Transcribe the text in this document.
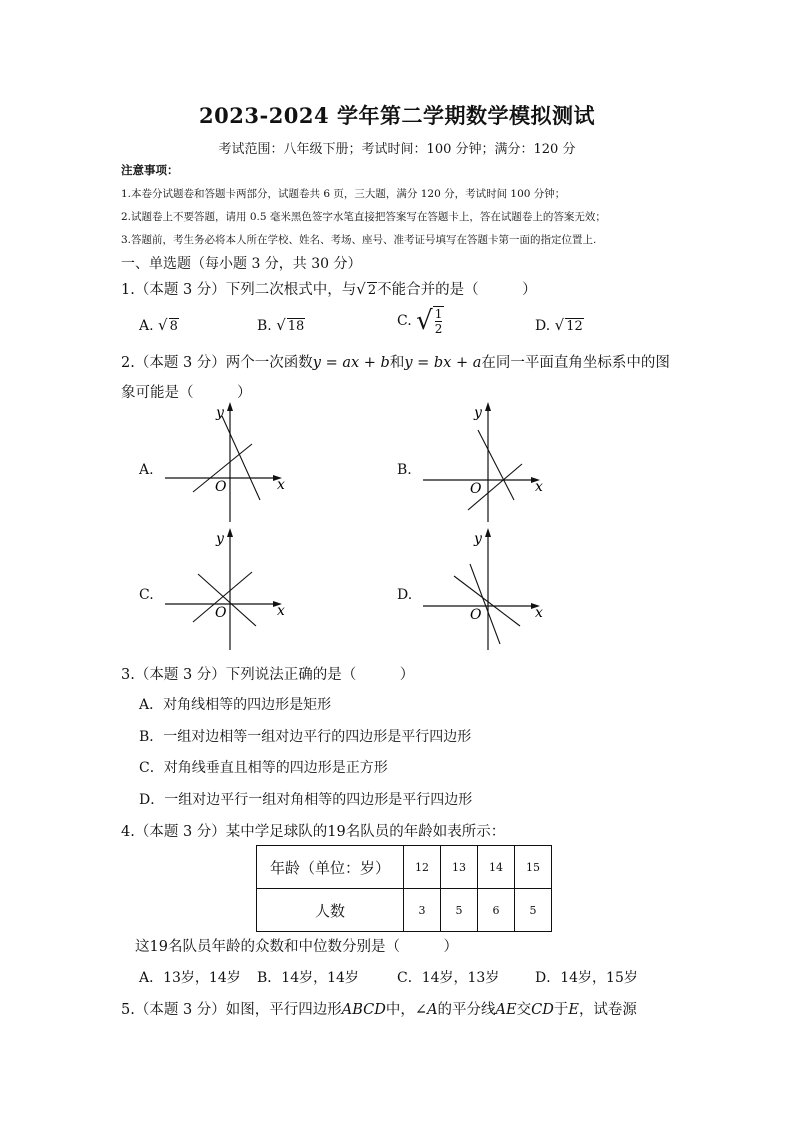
2023-2024 学年第二学期数学模拟测试
考试范围：八年级下册；考试时间：100 分钟；满分：120 分
注意事项：
1.本卷分试题卷和答题卡两部分，试题卷共 6 页，三大题，满分 120 分，考试时间 100 分钟；
2.试题卷上不要答题，请用 0.5 毫米黑色签字水笔直接把答案写在答题卡上，答在试题卷上的答案无效；
3.答题前，考生务必将本人所在学校、姓名、考场、座号、准考证号填写在答题卡第一面的指定位置上.
一、单选题（每小题 3 分，共 30 分）
1.（本题 3 分）下列二次根式中，与√ 2不能合并的是（　　　）
A. √ 8	B. √ 18	C. √ $\frac{1}{2}$	D. √ 12
2.（本题 3 分）两个一次函数y = ax + b和y = bx + a在同一平面直角坐标系中的图
象可能是（　　　）
A.
O	x
y
B.
O	x
y
C.
O	x
y
D.
O	x
y
3.（本题 3 分）下列说法正确的是（　　　）
A．对角线相等的四边形是矩形
B．一组对边相等一组对边平行的四边形是平行四边形
C．对角线垂直且相等的四边形是正方形
D．一组对边平行一组对角相等的四边形是平行四边形
4.（本题 3 分）某中学足球队的19名队员的年龄如表所示：
年龄（单位：岁）	12	13	14	15
人数	3	5	6	5
这19名队员年龄的众数和中位数分别是（　　　）
A．13岁，14岁 B．14岁，14岁	C．14岁，13岁	D．14岁，15岁
5.（本题 3 分）如图，平行四边形ABCD中，∠A的平分线AE交CD于E，试卷源
